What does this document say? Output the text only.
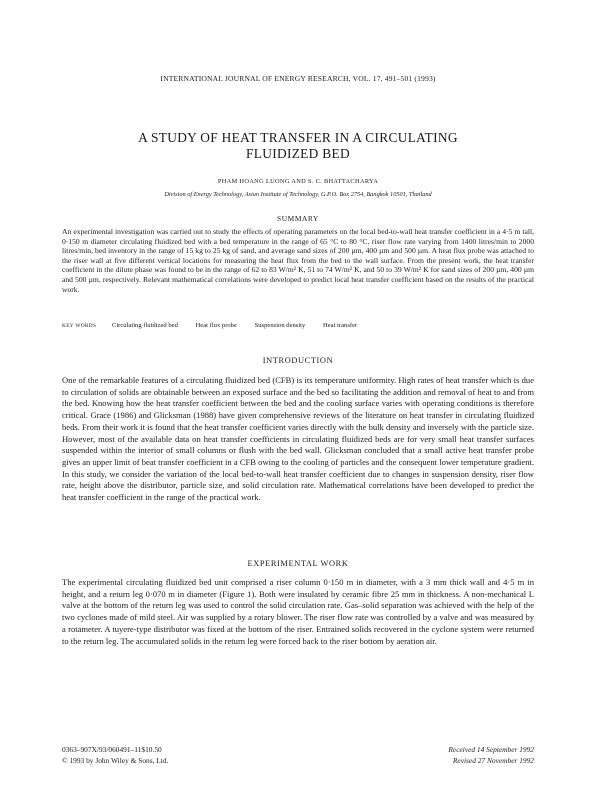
INTERNATIONAL JOURNAL OF ENERGY RESEARCH, VOL. 17, 491–501 (1993)
A STUDY OF HEAT TRANSFER IN A CIRCULATING
FLUIDIZED BED
PHAM HOANG LUONG AND S. C. BHATTACHARYA
Division of Energy Technology, Asian Institute of Technology, G.P.O. Box 2754, Bangkok 10501, Thailand
SUMMARY
An experimental investigation was carried out to study the effects of operating parameters on the local bed-to-wall heat transfer coefficient in a 4·5 m tall, 0·150 m diameter circulating fluidized bed with a bed temperature in the range of 65 °C to 80 °C, riser flow rate varying from 1400 litres/min to 2000 litres/min, bed inventory in the range of 15 kg to 25 kg of sand, and average sand sizes of 200 µm, 400 µm and 500 µm. A heat flux probe was attached to the riser wall at five different vertical locations for measuring the heat flux from the bed to the wall surface. From the present work, the heat transfer coefficient in the dilute phase was found to be in the range of 62 to 83 W/m² K, 51 to 74 W/m² K, and 50 to 39 W/m² K for sand sizes of 200 µm, 400 µm and 500 µm, respectively. Relevant mathematical correlations were developed to predict local heat transfer coefficient based on the results of the practical work.
KEY WORDS Circulating fluidized bed	Heat flux probe	Suspension density	Heat transfer
INTRODUCTION
One of the remarkable features of a circulating fluidized bed (CFB) is its temperature uniformity. High rates of heat transfer which is due to circulation of solids are obtainable between an exposed surface and the bed so facilitating the addition and removal of heat to and from the bed. Knowing how the heat transfer coefficient between the bed and the cooling surface varies with operating conditions is therefore critical. Grace (1986) and Glicksman (1988) have given comprehensive reviews of the literature on heat transfer in circulating fluidized beds. From their work it is found that the heat transfer coefficient varies directly with the bulk density and inversely with the particle size. However, most of the available data on heat transfer coefficients in circulating fluidized beds are for very small heat transfer surfaces suspended within the interior of small columns or flush with the bed wall. Glicksman concluded that a small active heat transfer probe gives an upper limit of beat transfer coefficient in a CFB owing to the cooling of particles and the consequent lower temperature gradient. In this study, we consider the variation of the local bed-to-wall heat transfer coefficient due to changes in suspension density, riser flow rate, height above the distributor, particle size, and solid circulation rate. Mathematical correlations have been developed to predict the heat transfer coefficient in the range of the practical work.
EXPERIMENTAL WORK
The experimental circulating fluidized bed unit comprised a riser column 0·150 m in diameter, with a 3 mm thick wall and 4·5 m in height, and a return leg 0·070 m in diameter (Figure 1). Both were insulated by ceramic fibre 25 mm in thickness. A non-mechanical L valve at the bottom of the return leg was used to control the solid circulation rate. Gas–solid separation was achieved with the help of the two cyclones made of mild steel. Air was supplied by a rotary blower. The riser flow rate was controlled by a valve and was measured by a rotameter. A tuyere-type distributor was fixed at the bottom of the riser. Entrained solids recovered in the cyclone system were returned to the return leg. The accumulated solids in the return leg were forced back to the riser bottom by aeration air.
0363–907X/93/060491–11$10.50
© 1993 by John Wiley & Sons, Ltd.
Received 14 September 1992
Revised 27 November 1992
